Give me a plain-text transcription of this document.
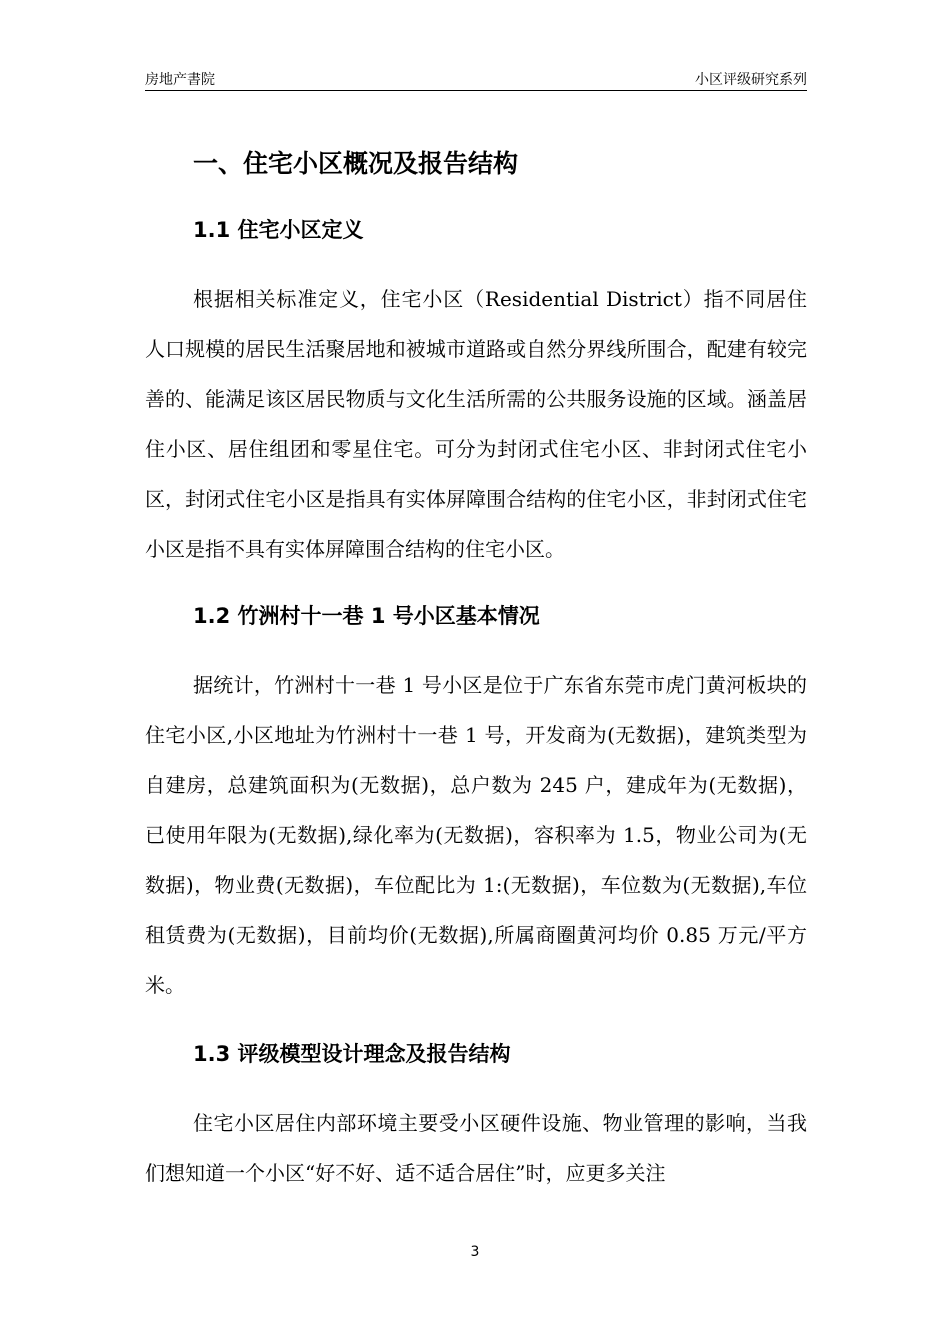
房地产書院	小区评级研究系列
一、住宅小区概况及报告结构
1.1 住宅小区定义

根据相关标准定义，住宅小区（Residential District）指不同居住人口规模的居民生活聚居地和被城市道路或自然分界线所围合，配建有较完善的、能满足该区居民物质与文化生活所需的公共服务设施的区域。涵盖居住小区、居住组团和零星住宅。可分为封闭式住宅小区、非封闭式住宅小区，封闭式住宅小区是指具有实体屏障围合结构的住宅小区，非封闭式住宅小区是指不具有实体屏障围合结构的住宅小区。

1.2 竹洲村十一巷 1 号小区基本情况

据统计，竹洲村十一巷 1 号小区是位于广东省东莞市虎门黄河板块的住宅小区,小区地址为竹洲村十一巷 1 号，开发商为(无数据)，建筑类型为自建房，总建筑面积为(无数据)，总户数为 245 户，建成年为(无数据)，已使用年限为(无数据),绿化率为(无数据)，容积率为 1.5，物业公司为(无数据)，物业费(无数据)，车位配比为 1:(无数据)，车位数为(无数据),车位租赁费为(无数据)，目前均价(无数据),所属商圈黄河均价 0.85 万元/平方米。

1.3 评级模型设计理念及报告结构

住宅小区居住内部环境主要受小区硬件设施、物业管理的影响，当我们想知道一个小区“好不好、适不适合居住”时，应更多关注

3
